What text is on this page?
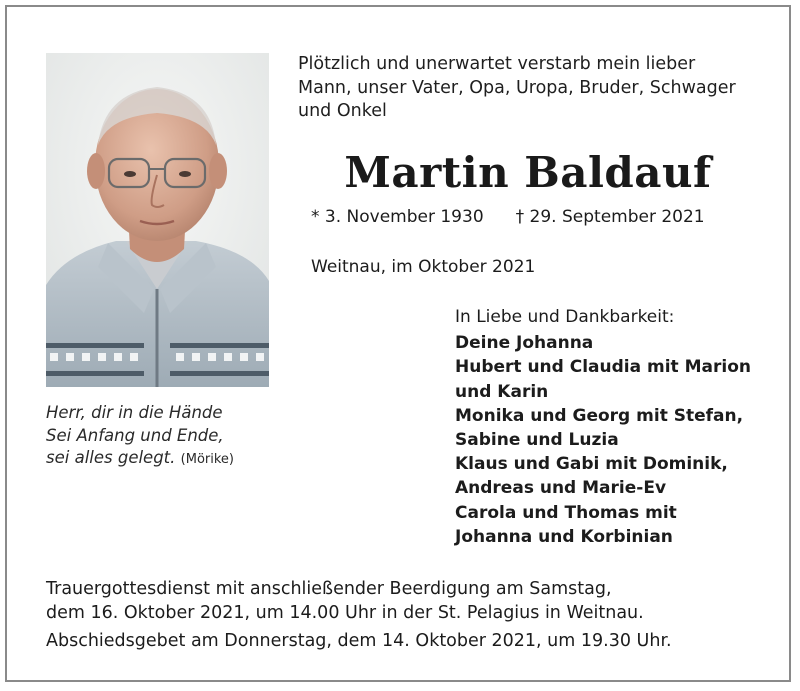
Herr, dir in die Hände
Sei Anfang und Ende,
sei alles gelegt. (Mörike)
Plötzlich und unerwartet verstarb mein lieber
Mann, unser Vater, Opa, Uropa, Bruder, Schwager
und Onkel
Martin Baldauf
* 3. November 1930 † 29. September 2021
Weitnau, im Oktober 2021
In Liebe und Dankbarkeit:
Deine Johanna
Hubert und Claudia mit Marion
und Karin
Monika und Georg mit Stefan,
Sabine und Luzia
Klaus und Gabi mit Dominik,
Andreas und Marie-Ev
Carola und Thomas mit
Johanna und Korbinian
Trauergottesdienst mit anschließender Beerdigung am Samstag,
dem 16. Oktober 2021, um 14.00 Uhr in der St. Pelagius in Weitnau.
Abschiedsgebet am Donnerstag, dem 14. Oktober 2021, um 19.30 Uhr.
